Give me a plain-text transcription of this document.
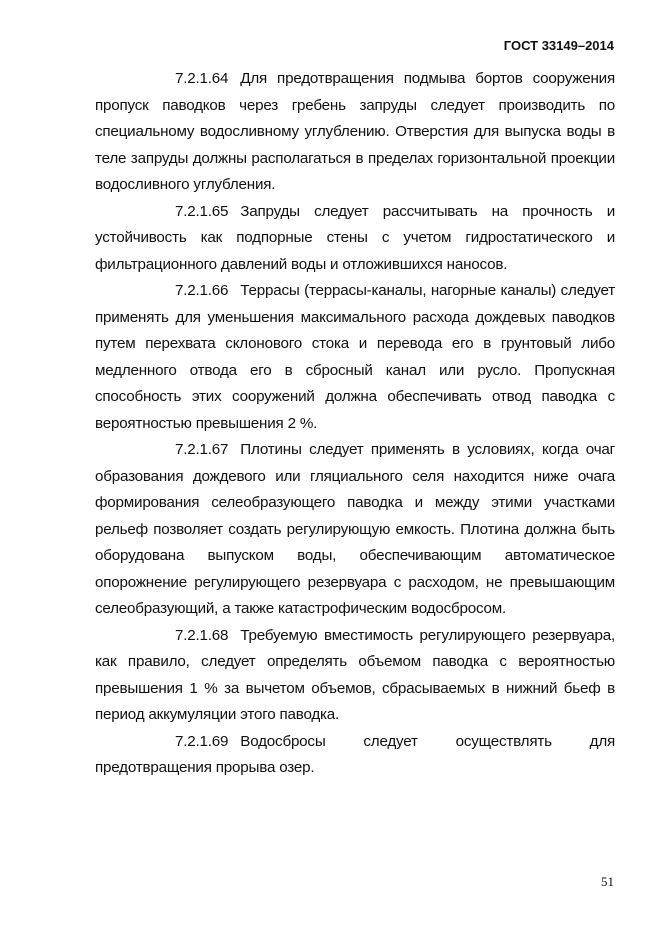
ГОСТ 33149–2014

7.2.1.64 Для предотвращения подмыва бортов сооружения пропуск паводков через гребень запруды следует производить по специальному водосливному углублению. Отверстия для выпуска воды в теле запруды должны располагаться в пределах горизонтальной проекции водосливного углубления.

7.2.1.65 Запруды следует рассчитывать на прочность и устойчивость как подпорные стены с учетом гидростатического и фильтрационного давлений воды и отложившихся наносов.

7.2.1.66 Террасы (террасы-каналы, нагорные каналы) следует применять для уменьшения максимального расхода дождевых паводков путем перехвата склонового стока и перевода его в грунтовый либо медленного отвода его в сбросный канал или русло. Пропускная способность этих сооружений должна обеспечивать отвод паводка с вероятностью превышения 2 %.

7.2.1.67 Плотины следует применять в условиях, когда очаг образования дождевого или гляциального селя находится ниже очага формирования селеобразующего паводка и между этими участками рельеф позволяет создать регулирующую емкость. Плотина должна быть оборудована выпуском воды, обеспечивающим автоматическое опорожнение регулирующего резервуара с расходом, не превышающим селеобразующий, а также катастрофическим водосбросом.

7.2.1.68 Требуемую вместимость регулирующего резервуара, как правило, следует определять объемом паводка с вероятностью превышения 1 % за вычетом объемов, сбрасываемых в нижний бьеф в период аккумуляции этого паводка.

7.2.1.69 Водосбросы следует осуществлять для предотвращения прорыва озер.

51
